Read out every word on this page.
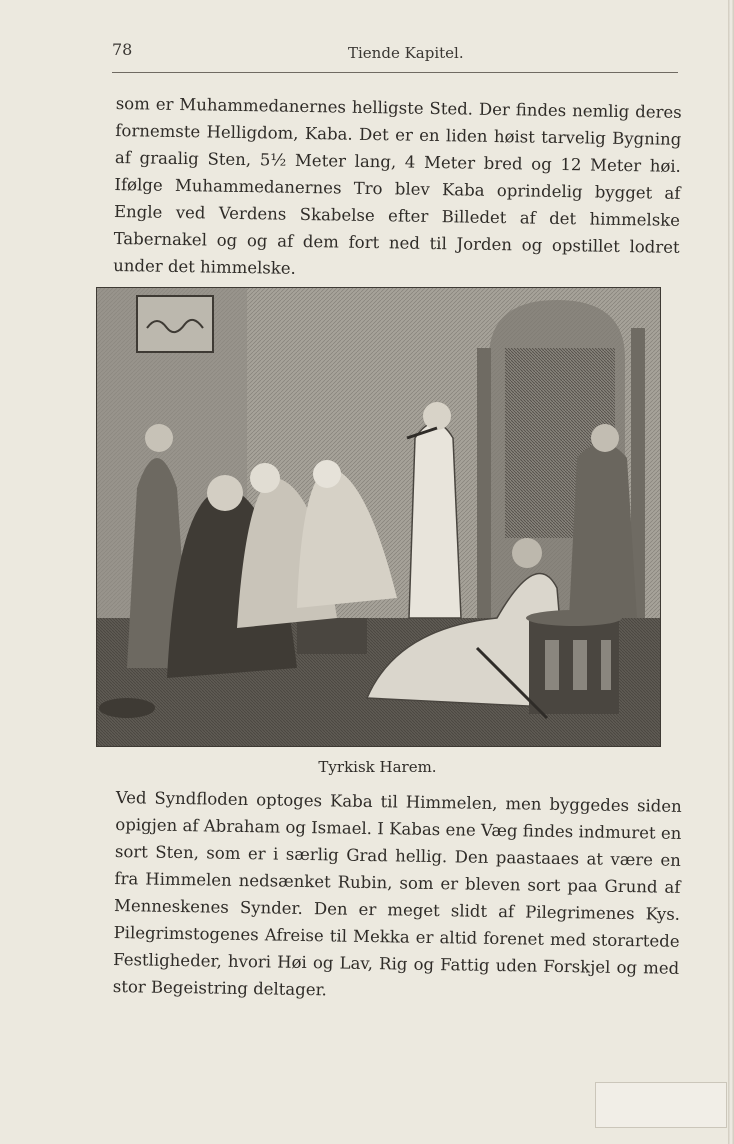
78	Tiende Kapitel.

som er Muhammedanernes helligste Sted. Der findes nemlig deres fornemste Helligdom, Kaba. Det er en liden høist tarvelig Bygning af graalig Sten, 5½ Meter lang, 4 Meter bred og 12 Meter høi. Ifølge Muhammedanernes Tro blev Kaba oprindelig bygget af Engle ved Verdens Skabelse efter Billedet af det himmelske Tabernakel og og af dem fort ned til Jorden og opstillet lodret under det himmelske.

Tyrkisk Harem.

Ved Syndfloden optoges Kaba til Himmelen, men byggedes siden opigjen af Abraham og Ismael. I Kabas ene Væg findes indmuret en sort Sten, som er i særlig Grad hellig. Den paastaaes at være en fra Himmelen nedsænket Rubin, som er bleven sort paa Grund af Menneskenes Synder. Den er meget slidt af Pilegrimenes Kys. Pilegrimstogenes Afreise til Mekka er altid forenet med storartede Festligheder, hvori Høi og Lav, Rig og Fattig uden Forskjel og med stor Begeistring deltager.
